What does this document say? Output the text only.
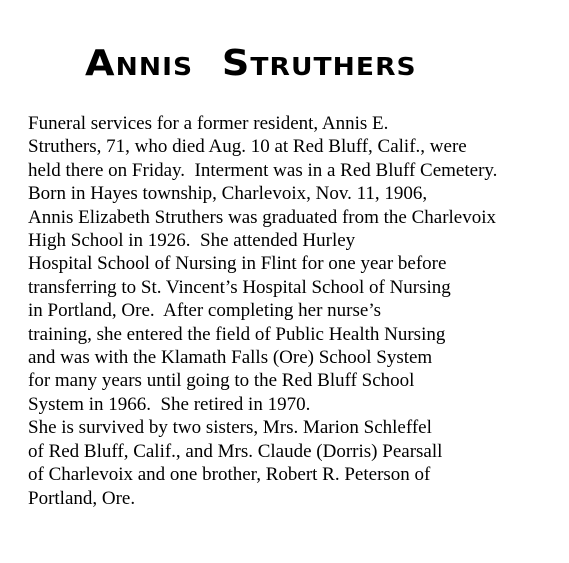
Annis  Struthers
Funeral services for a former resident, Annis E.
Struthers, 71, who died Aug. 10 at Red Bluff, Calif., were
held there on Friday.  Interment was in a Red Bluff Cemetery.
Born in Hayes township, Charlevoix, Nov. 11, 1906,
Annis Elizabeth Struthers was graduated from the Charlevoix
High School in 1926.  She attended Hurley
Hospital School of Nursing in Flint for one year before
transferring to St. Vincent’s Hospital School of Nursing
in Portland, Ore.  After completing her nurse’s
training, she entered the field of Public Health Nursing
and was with the Klamath Falls (Ore) School System
for many years until going to the Red Bluff School
System in 1966.  She retired in 1970.
She is survived by two sisters, Mrs. Marion Schleffel
of Red Bluff, Calif., and Mrs. Claude (Dorris) Pearsall
of Charlevoix and one brother, Robert R. Peterson of
Portland, Ore.
